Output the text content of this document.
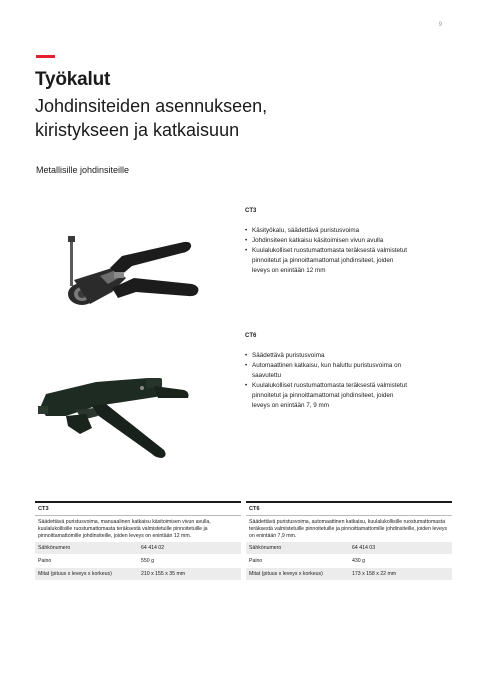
9
Työkalut
Johdinsiteiden asennukseen,
kiristykseen ja katkaisuun
Metallisille johdinsiteille
CT3
• Käsityökalu, säädettävä puristusvoima
• Johdinsiteen katkaisu käsitoimisen vivun avulla
• Kuulalukolliset ruostumattomasta teräksestä valmistetut
pinnoitetut ja pinnoittamattomat johdinsiteet, joiden
leveys on enintään 12 mm
CT6
• Säädettävä puristusvoima
• Automaattinen katkaisu, kun haluttu puristusvoima on
saavutettu
• Kuulalukolliset ruostumattomasta teräksestä valmistetut
pinnoitetut ja pinnoittamattomat johdinsiteet, joiden
leveys on enintään 7, 9 mm
CT3	
Säädettävä puristusvoima, manuaalinen katkaisu käsitoimisen vivun avulla, kuulalukollisille ruostumattomasta teräksestä valmistetuille pinnoitetuille ja pinnoittamattomille johdinsiteille, joiden leveys on enintään 12 mm.	
Sähkönumero	64 414 02
Paino	550 g
Mitat (pituus x leveys x korkeus)	210 x 155 x 35 mm
CT6	
Säädettävä puristusvoima, automaattinen katkaisu, kuulalukollisille ruostumattomasta teräksestä valmistetuille pinnoitetuille ja pinnoittamattomille johdinsiteille, joiden leveys on enintään 7,9 mm.	
Sähkönumero	64 414 03
Paino	430 g
Mitat (pituus x leveys x korkeus)	173 x 158 x 22 mm
